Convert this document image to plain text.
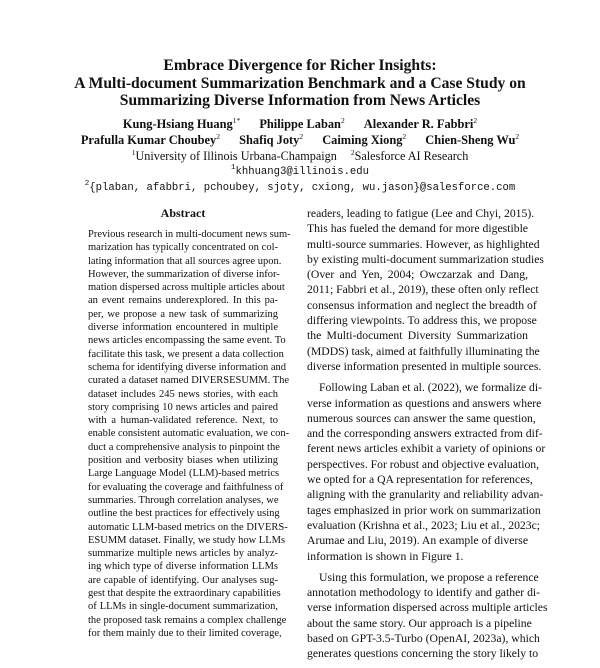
Embrace Divergence for Richer Insights:
A Multi-document Summarization Benchmark and a Case Study on
Summarizing Diverse Information from News Articles
Kung-Hsiang Huang$^{1*}$ Philippe Laban$^2$ Alexander R. Fabbri$^2$
Prafulla Kumar Choubey$^2$ Shafiq Joty$^2$ Caiming Xiong$^2$ Chien-Sheng Wu$^2$
$^1$University of Illinois Urbana-Champaign $^2$Salesforce AI Research
$^1$khhuang3@illinois.edu
$^2${plaban, afabbri, pchoubey, sjoty, cxiong, wu.jason}@salesforce.com
Abstract
Previous research in multi-document news sum-
marization has typically concentrated on col-
lating information that all sources agree upon.
However, the summarization of diverse infor-
mation dispersed across multiple articles about
an event remains underexplored. In this pa-
per, we propose a new task of summarizing
diverse information encountered in multiple
news articles encompassing the same event. To
facilitate this task, we present a data collection
schema for identifying diverse information and
curated a dataset named DIVERSESUMM. The
dataset includes 245 news stories, with each
story comprising 10 news articles and paired
with a human-validated reference. Next, to
enable consistent automatic evaluation, we con-
duct a comprehensive analysis to pinpoint the
position and verbosity biases when utilizing
Large Language Model (LLM)-based metrics
for evaluating the coverage and faithfulness of
summaries. Through correlation analyses, we
outline the best practices for effectively using
automatic LLM-based metrics on the DIVERS-
ESUMM dataset. Finally, we study how LLMs
summarize multiple news articles by analyz-
ing which type of diverse information LLMs
are capable of identifying. Our analyses sug-
gest that despite the extraordinary capabilities
of LLMs in single-document summarization,
the proposed task remains a complex challenge
for them mainly due to their limited coverage,

readers, leading to fatigue (Lee and Chyi, 2015).
This has fueled the demand for more digestible
multi-source summaries. However, as highlighted
by existing multi-document summarization studies
(Over and Yen, 2004; Owczarzak and Dang,
2011; Fabbri et al., 2019), these often only reflect
consensus information and neglect the breadth of
differing viewpoints. To address this, we propose
the Multi-document Diversity Summarization
(MDDS) task, aimed at faithfully illuminating the
diverse information presented in multiple sources.

Following Laban et al. (2022), we formalize di-
verse information as questions and answers where
numerous sources can answer the same question,
and the corresponding answers extracted from dif-
ferent news articles exhibit a variety of opinions or
perspectives. For robust and objective evaluation,
we opted for a QA representation for references,
aligning with the granularity and reliability advan-
tages emphasized in prior work on summarization
evaluation (Krishna et al., 2023; Liu et al., 2023c;
Arumae and Liu, 2019). An example of diverse
information is shown in Figure 1.

Using this formulation, we propose a reference
annotation methodology to identify and gather di-
verse information dispersed across multiple articles
about the same story. Our approach is a pipeline
based on GPT-3.5-Turbo (OpenAI, 2023a), which
generates questions concerning the story likely to
